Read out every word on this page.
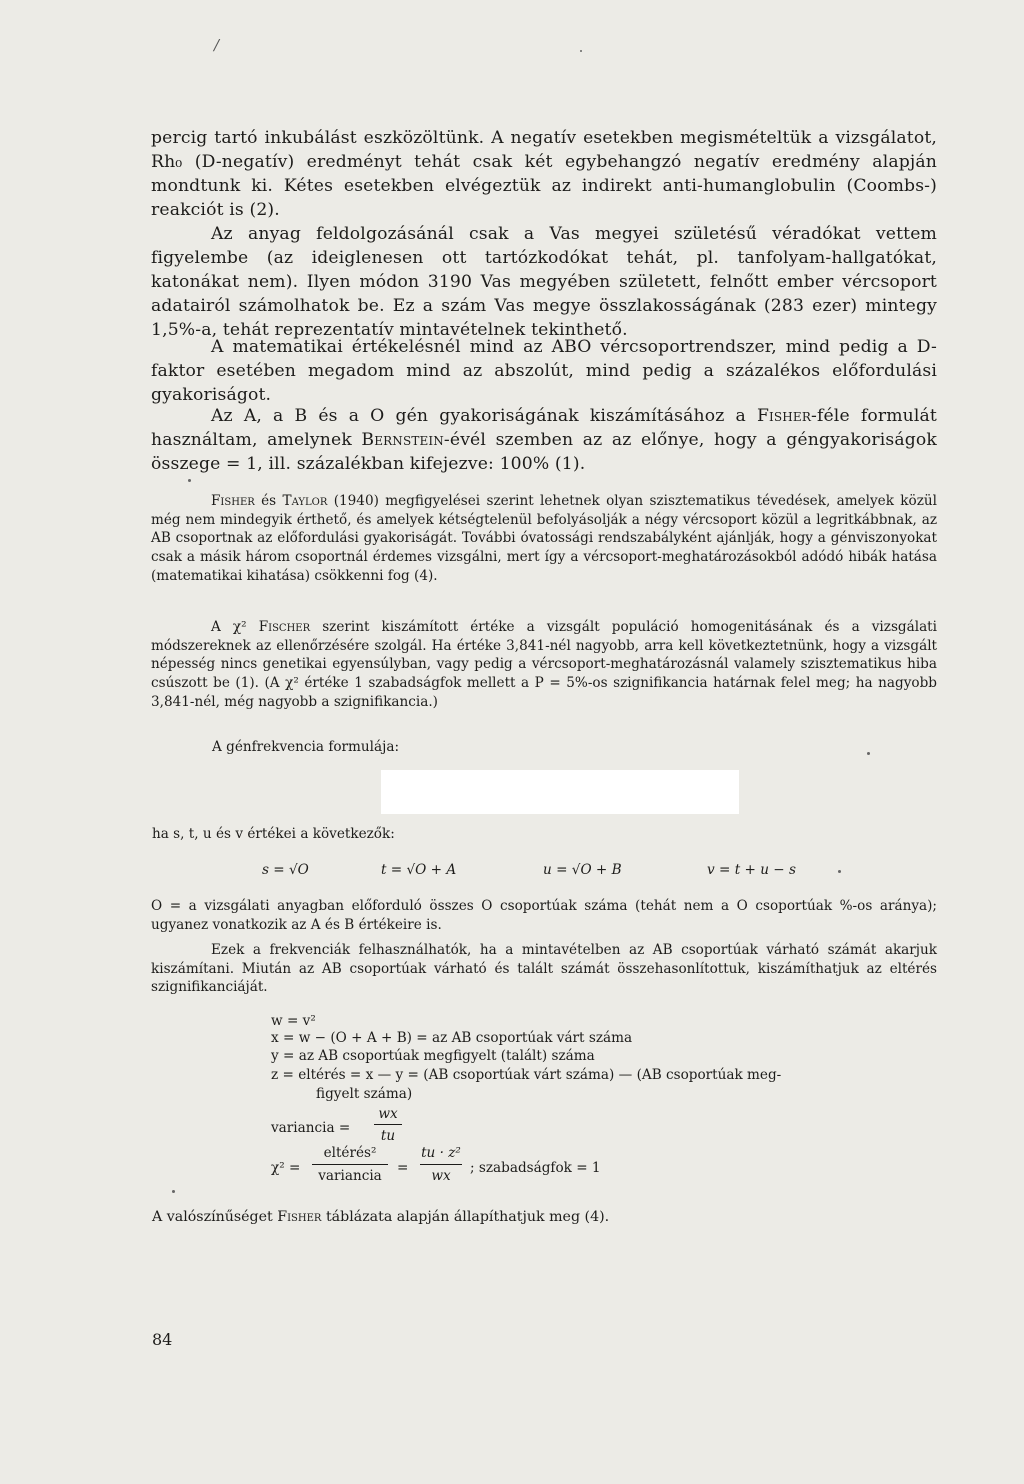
/

percig tartó inkubálást eszközöltünk. A negatív esetekben megismételtük a vizsgálatot, Rh₀ (D-negatív) eredményt tehát csak két egybehangzó negatív eredmény alapján mondtunk ki. Kétes esetekben elvégeztük az indirekt anti-humanglobulin (Coombs-) reakciót is (2).

Az anyag feldolgozásánál csak a Vas megyei születésű véradókat vettem figyelembe (az ideiglenesen ott tartózkodókat tehát, pl. tanfolyam-hallgatókat, katonákat nem). Ilyen módon 3190 Vas megyében született, felnőtt ember vércsoport adatairól számolhatok be. Ez a szám Vas megye összlakosságának (283 ezer) mintegy 1,5%-a, tehát reprezentatív mintavételnek tekinthető.

A matematikai értékelésnél mind az ABO vércsoportrendszer, mind pedig a D-faktor esetében megadom mind az abszolút, mind pedig a százalékos előfordulási gyakoriságot.

Az A, a B és a O gén gyakoriságának kiszámításához a Fisher-féle formulát használtam, amelynek Bernstein-évél szemben az az előnye, hogy a géngyakoriságok összege = 1, ill. százalékban kifejezve: 100% (1).

Fisher és Taylor (1940) megfigyelései szerint lehetnek olyan szisztematikus tévedések, amelyek közül még nem mindegyik érthető, és amelyek kétségtelenül befolyásolják a négy vércsoport közül a legritkábbnak, az AB csoportnak az előfordulási gyakoriságát. További óvatossági rendszabályként ajánlják, hogy a génviszonyokat csak a másik három csoportnál érdemes vizsgálni, mert így a vércsoport-meghatározásokból adódó hibák hatása (matematikai kihatása) csökkenni fog (4).

A χ² Fischer szerint kiszámított értéke a vizsgált populáció homogenitásának és a vizsgálati módszereknek az ellenőrzésére szolgál. Ha értéke 3,841-nél nagyobb, arra kell következtetnünk, hogy a vizsgált népesség nincs genetikai egyensúlyban, vagy pedig a vércsoport-meghatározásnál valamely szisztematikus hiba csúszott be (1). (A χ² értéke 1 szabadságfok mellett a P = 5%-os szignifikancia határnak felel meg; ha nagyobb 3,841-nél, még nagyobb a szignifikancia.)

A génfrekvencia formulája:
ha s, t, u és v értékei a következők:
s = √O	t = √O + A	u = √O + B	v = t + u − s

O = a vizsgálati anyagban előforduló összes O csoportúak száma (tehát nem a O csoportúak %-os aránya); ugyanez vonatkozik az A és B értékeire is.

Ezek a frekvenciák felhasználhatók, ha a mintavételben az AB csoportúak várható számát akarjuk kiszámítani. Miután az AB csoportúak várható és talált számát összehasonlítottuk, kiszámíthatjuk az eltérés szignifikanciáját.

w = v²
x = w − (O + A + B) = az AB csoportúak várt száma
y = az AB csoportúak megfigyelt (talált) száma
z = eltérés = x — y = (AB csoportúak várt száma) — (AB csoportúak meg-
figyelt száma)
variancia =
wx
tu
χ² =
eltérés²
variancia	=
tu · z²
wx	; szabadságfok = 1
A valószínűséget Fisher táblázata alapján állapíthatjuk meg (4).
84
